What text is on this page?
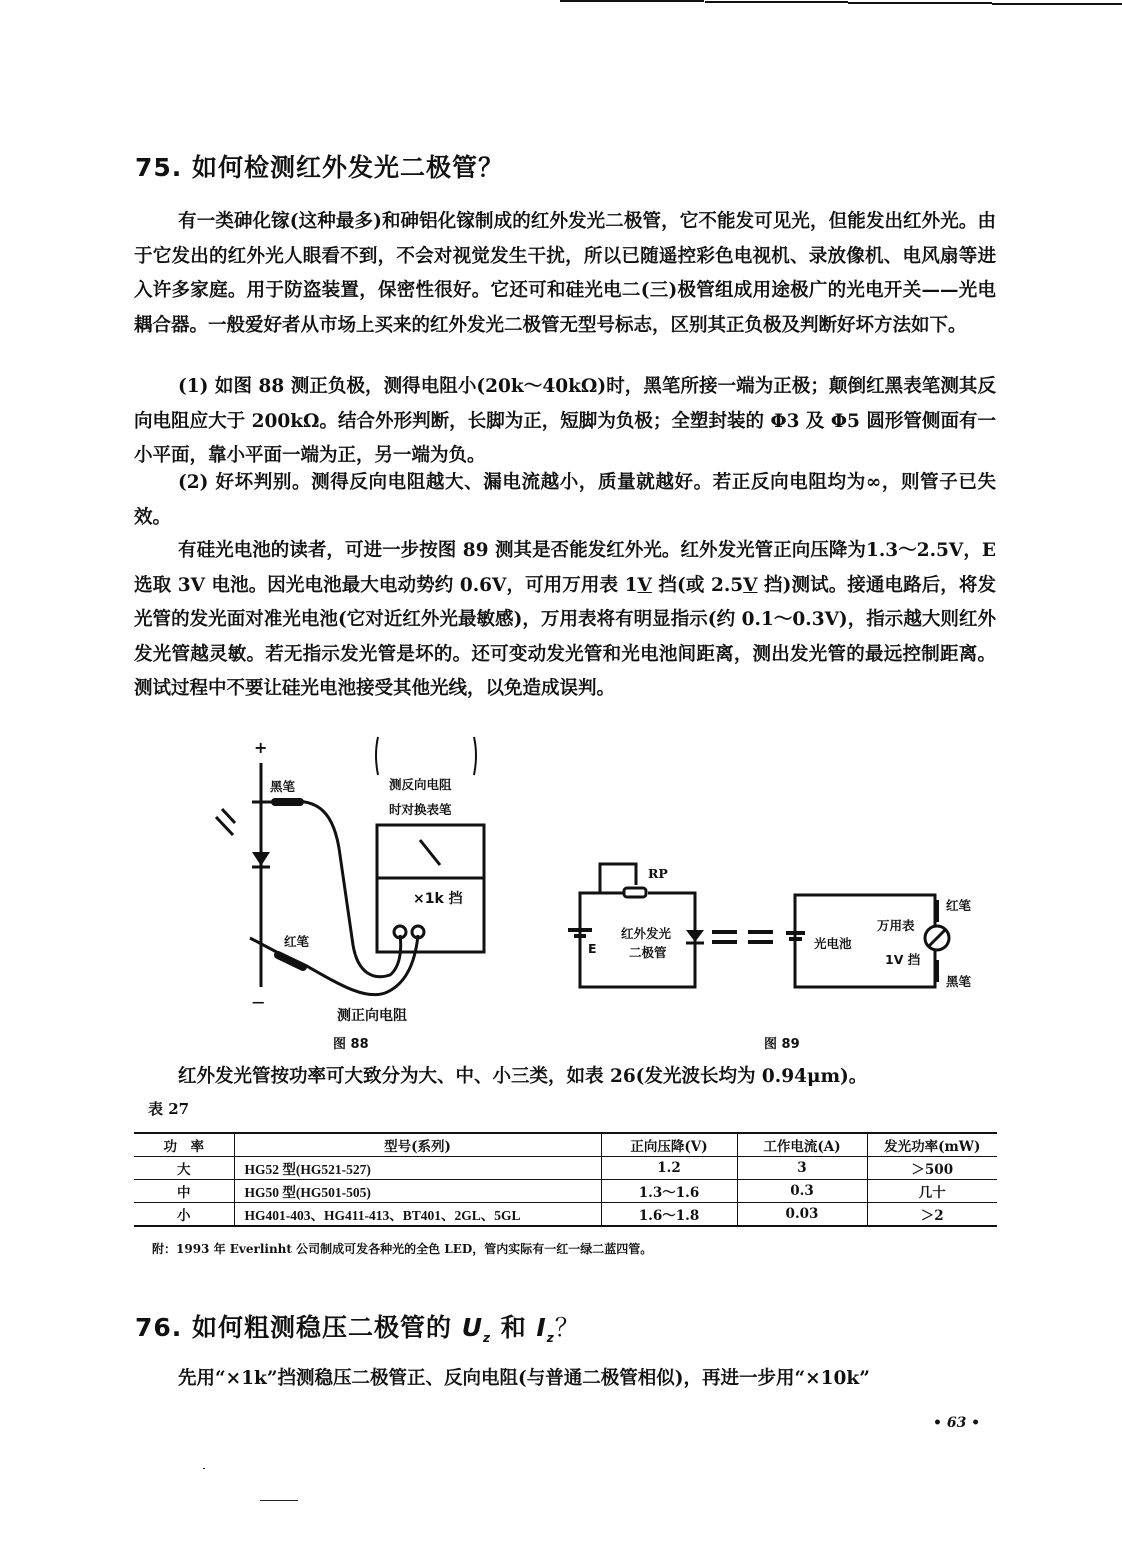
75. 如何检测红外发光二极管？
有一类砷化镓(这种最多)和砷铝化镓制成的红外发光二极管，它不能发可见光，但能发出红外光。由于它发出的红外光人眼看不到，不会对视觉发生干扰，所以已随遥控彩色电视机、录放像机、电风扇等进入许多家庭。用于防盗装置，保密性很好。它还可和硅光电二(三)极管组成用途极广的光电开关——光电耦合器。一般爱好者从市场上买来的红外发光二极管无型号标志，区别其正负极及判断好坏方法如下。
(1) 如图 88 测正负极，测得电阻小(20k～40kΩ)时，黑笔所接一端为正极；颠倒红黑表笔测其反向电阻应大于 200kΩ。结合外形判断，长脚为正，短脚为负极；全塑封装的 Φ3 及 Φ5 圆形管侧面有一小平面，靠小平面一端为正，另一端为负。
(2) 好坏判别。测得反向电阻越大、漏电流越小，质量就越好。若正反向电阻均为∞，则管子已失效。
有硅光电池的读者，可进一步按图 89 测其是否能发红外光。红外发光管正向压降为1.3～2.5V，E 选取 3V 电池。因光电池最大电动势约 0.6V，可用万用表 1V 挡(或 2.5V 挡)测试。接通电路后，将发光管的发光面对准光电池(它对近红外光最敏感)，万用表将有明显指示(约 0.1～0.3V)，指示越大则红外发光管越灵敏。若无指示发光管是坏的。还可变动发光管和光电池间距离，测出发光管的最远控制距离。测试过程中不要让硅光电池接受其他光线，以免造成误判。
+
—
黑笔
红笔
测反向电阻
时对换表笔
×1k 挡
测正向电阻
图 88
RP
E
红外发光
二极管
光电池
万用表
1V 挡
红笔
黑笔
图 89
红外发光管按功率可大致分为大、中、小三类，如表 26(发光波长均为 0.94μm)。
表 27
功　率	型号(系列)	正向压降(V)	工作电流(A)	发光功率(mW)
大	HG52 型(HG521-527)	1.2	3	＞500
中	HG50 型(HG501-505)	1.3～1.6	0.3	几十
小	HG401-403、HG411-413、BT401、2GL、5GL	1.6～1.8	0.03	＞2
附：1993 年 Everlinht 公司制成可发各种光的全色 LED，管内实际有一红一绿二蓝四管。
76. 如何粗测稳压二极管的 $U_z$ 和 $I_z$？
先用“×1k”挡测稳压二极管正、反向电阻(与普通二极管相似)，再进一步用“×10k”
• 63 •
